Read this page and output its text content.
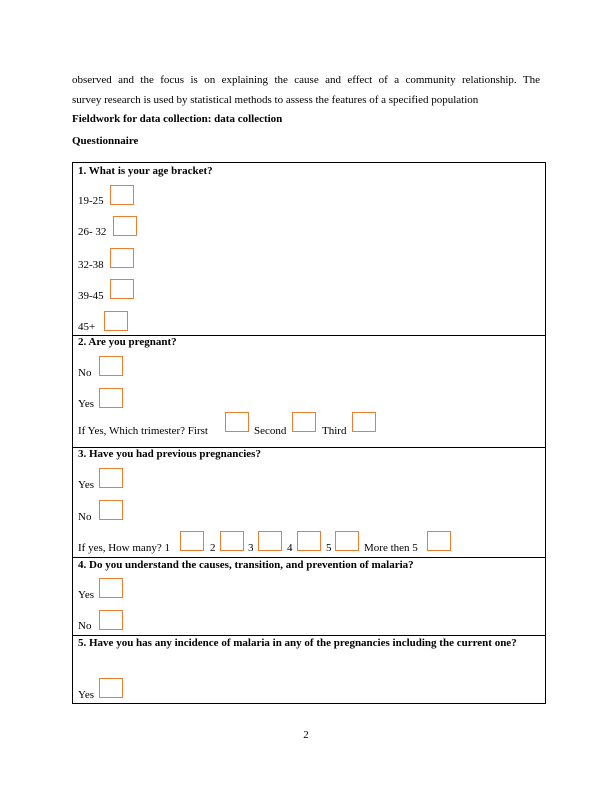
observed and the focus is on explaining the cause and effect of a community relationship. The
survey research is used by statistical methods to assess the features of a specified population
Fieldwork for data collection: data collection
Questionnaire
1. What is your age bracket?
19-25
26- 32
32-38
39-45
45+
2. Are you pregnant?
No
Yes
If Yes, Which trimester? First	Second	Third
3. Have you had previous pregnancies?
Yes
No
If yes, How many? 1	2	3	4	5	More then 5
4. Do you understand the causes, transition, and prevention of malaria?
Yes
No
5. Have you has any incidence of malaria in any of the pregnancies including the current one?
Yes
2
